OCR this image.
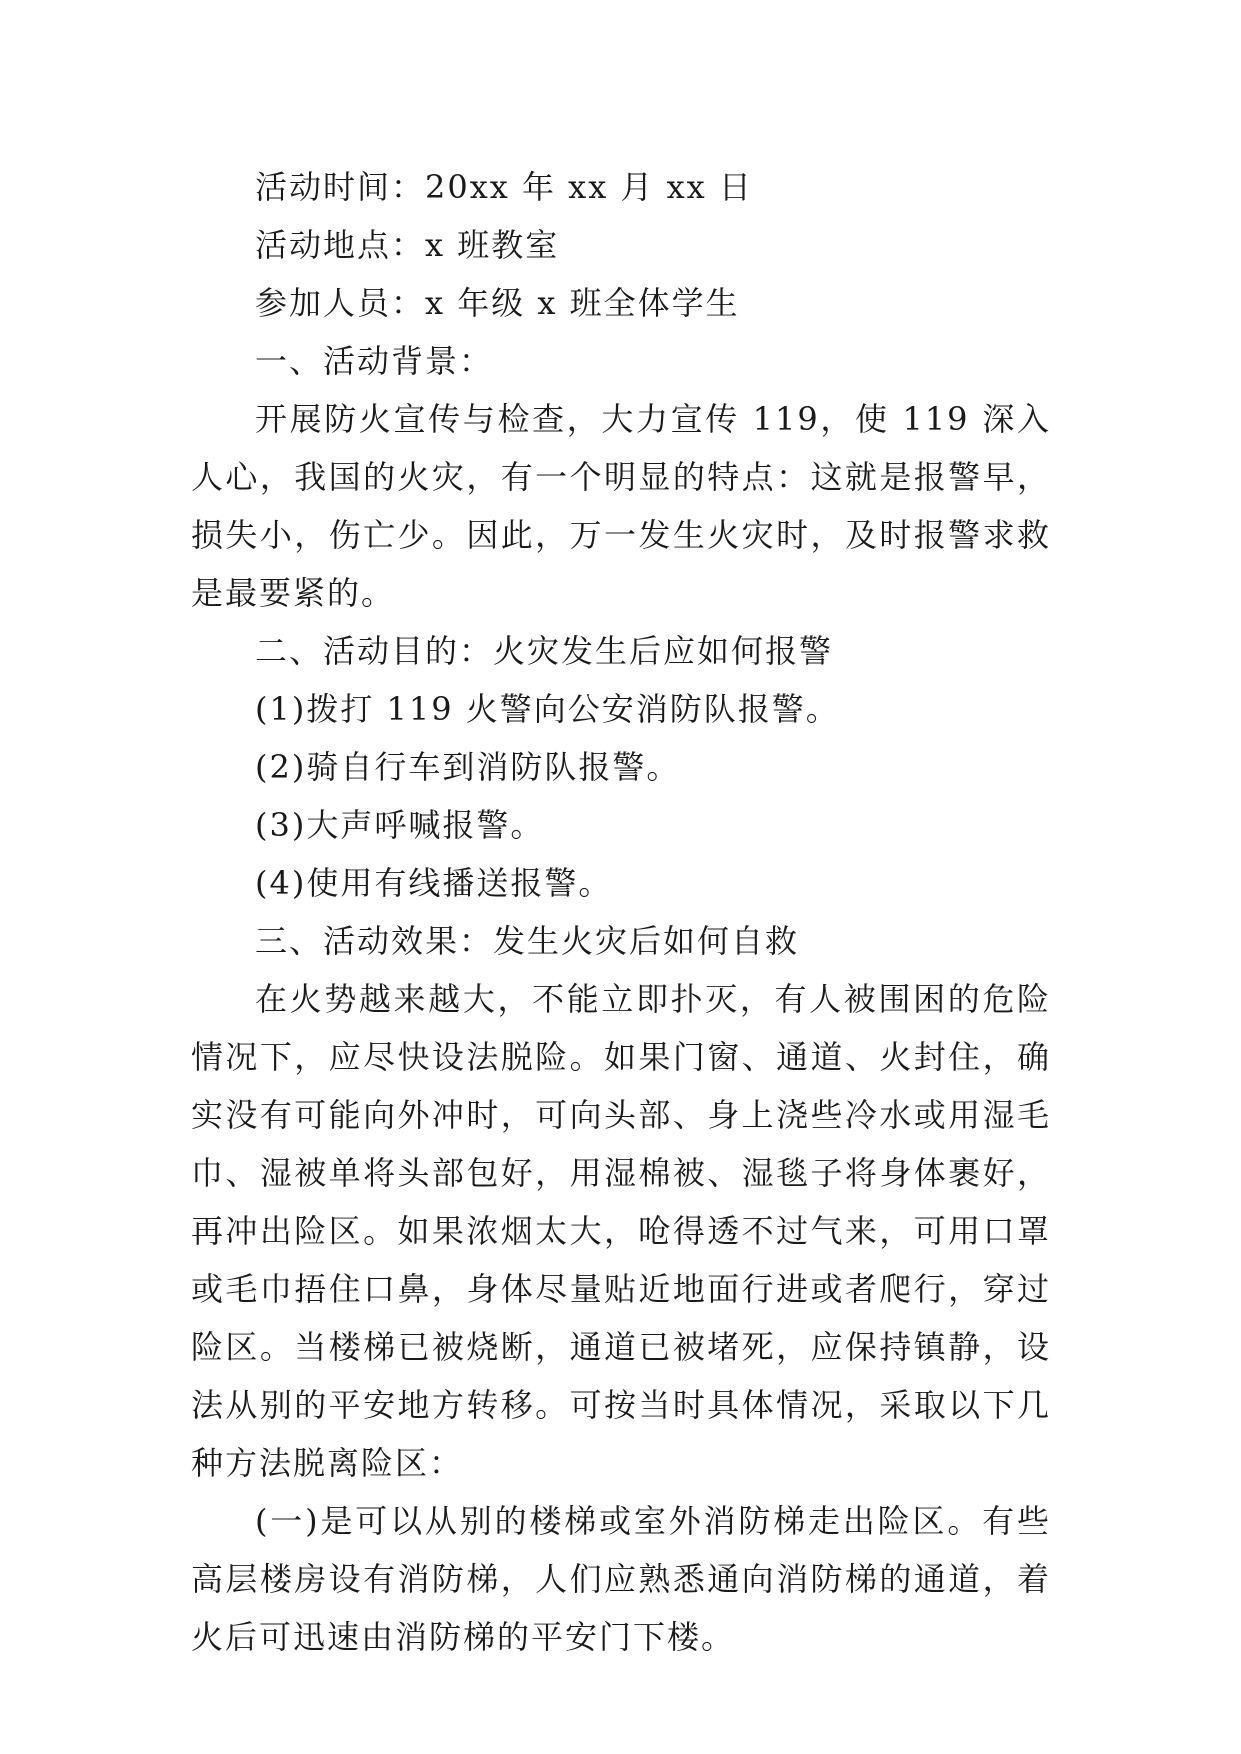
活动时间：20xx 年 xx 月 xx 日
活动地点：x 班教室
参加人员：x 年级 x 班全体学生
一、活动背景：

开展防火宣传与检查，大力宣传 119，使 119 深入人心，我国的火灾，有一个明显的特点：这就是报警早，损失小，伤亡少。因此，万一发生火灾时，及时报警求救是最要紧的。

二、活动目的：火灾发生后应如何报警
(1)拨打 119 火警向公安消防队报警。
(2)骑自行车到消防队报警。
(3)大声呼喊报警。
(4)使用有线播送报警。
三、活动效果：发生火灾后如何自救

在火势越来越大，不能立即扑灭，有人被围困的危险情况下，应尽快设法脱险。如果门窗、通道、火封住，确实没有可能向外冲时，可向头部、身上浇些冷水或用湿毛巾、湿被单将头部包好，用湿棉被、湿毯子将身体裹好，再冲出险区。如果浓烟太大，呛得透不过气来，可用口罩或毛巾捂住口鼻，身体尽量贴近地面行进或者爬行，穿过险区。当楼梯已被烧断，通道已被堵死，应保持镇静，设法从别的平安地方转移。可按当时具体情况，采取以下几种方法脱离险区：

(一)是可以从别的楼梯或室外消防梯走出险区。有些高层楼房设有消防梯，人们应熟悉通向消防梯的通道，着火后可迅速由消防梯的平安门下楼。
